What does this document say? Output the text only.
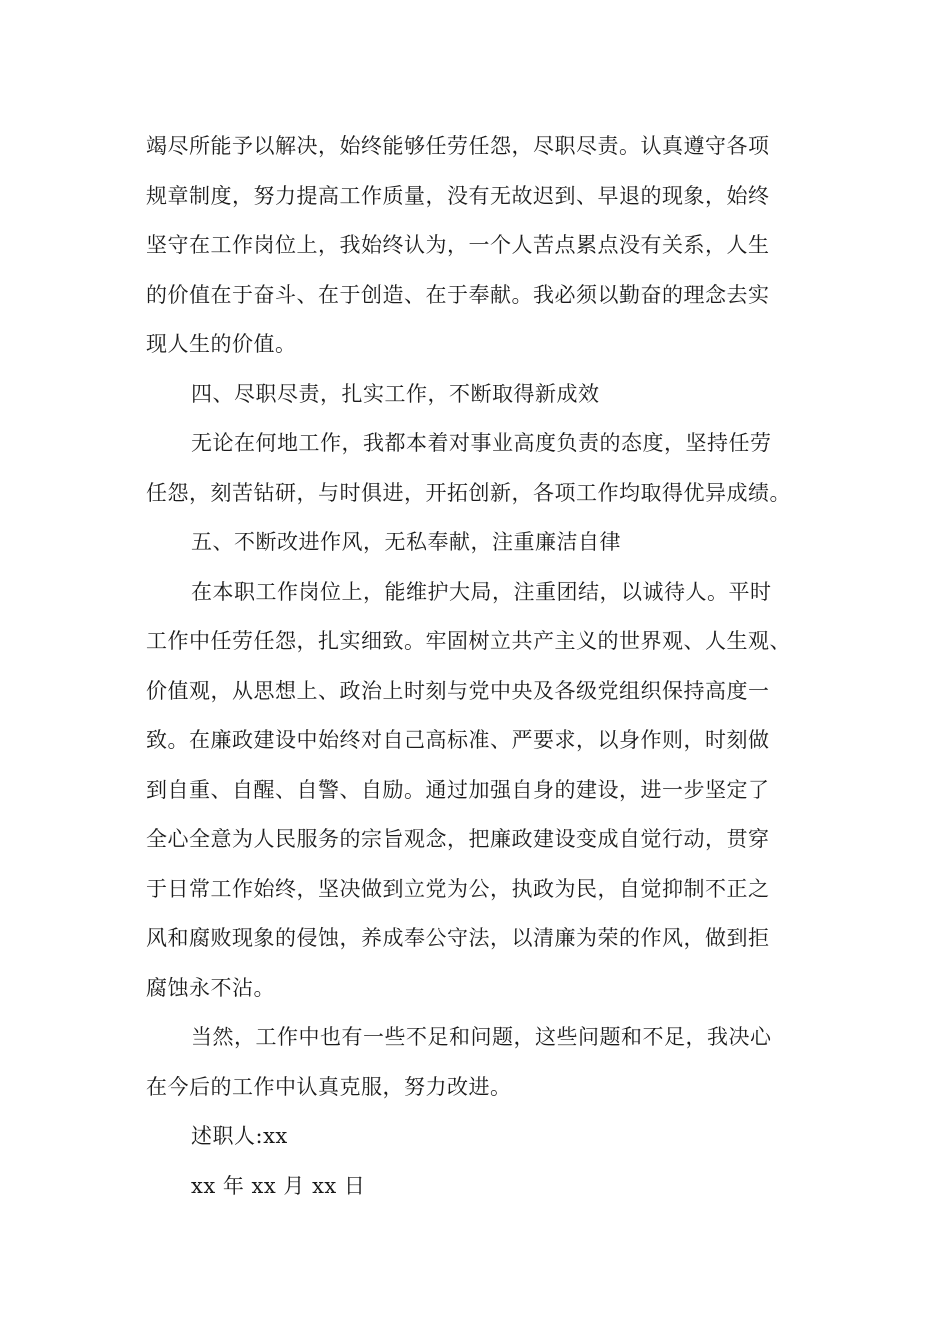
竭尽所能予以解决，始终能够任劳任怨，尽职尽责。认真遵守各项
规章制度，努力提高工作质量，没有无故迟到、早退的现象，始终
坚守在工作岗位上，我始终认为，一个人苦点累点没有关系，人生
的价值在于奋斗、在于创造、在于奉献。我必须以勤奋的理念去实
现人生的价值。
四、尽职尽责，扎实工作，不断取得新成效
无论在何地工作，我都本着对事业高度负责的态度，坚持任劳
任怨，刻苦钻研，与时俱进，开拓创新，各项工作均取得优异成绩。
五、不断改进作风，无私奉献，注重廉洁自律
在本职工作岗位上，能维护大局，注重团结，以诚待人。平时
工作中任劳任怨，扎实细致。牢固树立共产主义的世界观、人生观、
价值观，从思想上、政治上时刻与党中央及各级党组织保持高度一
致。在廉政建设中始终对自己高标准、严要求，以身作则，时刻做
到自重、自醒、自警、自励。通过加强自身的建设，进一步坚定了
全心全意为人民服务的宗旨观念，把廉政建设变成自觉行动，贯穿
于日常工作始终，坚决做到立党为公，执政为民，自觉抑制不正之
风和腐败现象的侵蚀，养成奉公守法，以清廉为荣的作风，做到拒
腐蚀永不沾。
当然，工作中也有一些不足和问题，这些问题和不足，我决心
在今后的工作中认真克服，努力改进。
述职人:xx
xx 年 xx 月 xx 日
